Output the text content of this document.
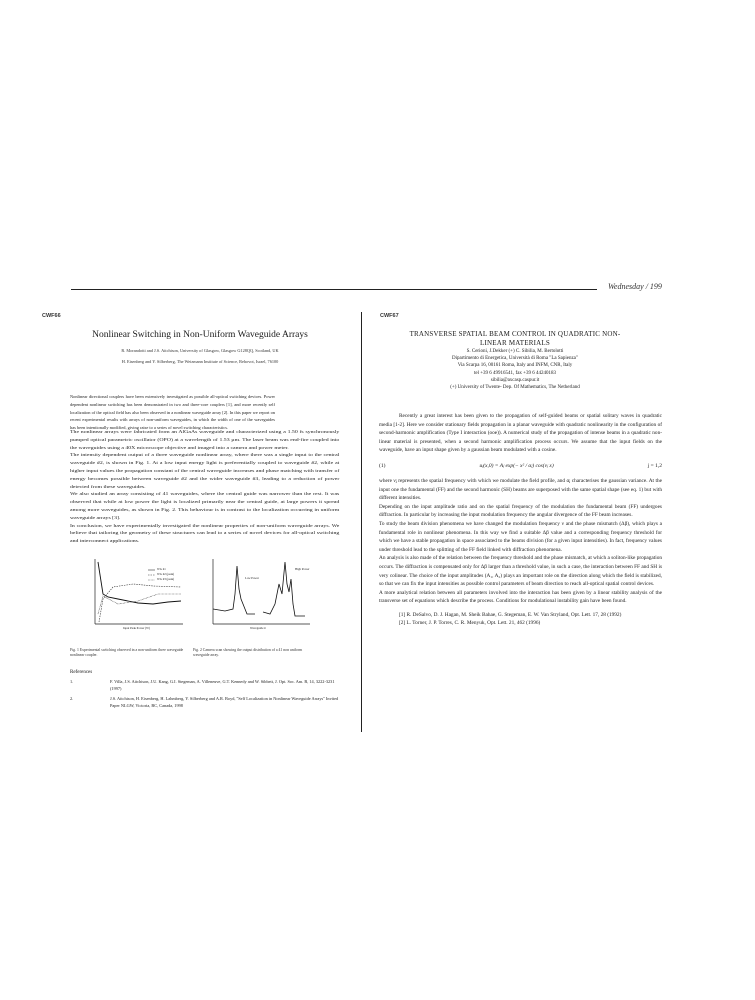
Wednesday / 199
CWF66
Nonlinear Switching in Non-Uniform Waveguide Arrays
R. Morandotti and J.S. Aitchison, University of Glasgow, Glasgow G128QQ, Scotland, UK
H. Eisenberg and Y. Silberberg, The Weizmann Institute of Science, Rehovot, Israel, 76100

Nonlinear directional couplers have been extensively investigated as possible all-optical switching devices. Power dependent nonlinear switching has been demonstrated in two and three-core couplers [1], and more recently self localization of the optical field has also been observed in a nonlinear waveguide array [2]. In this paper we report on recent experimental results with arrays of non-uniform waveguides, in which the width of one of the waveguides has been intentionally modified, giving raise to a series of novel switching characteristics.

The nonlinear arrays were fabricated from an AlGaAs waveguide and characterized using a 1.50 fs synchronously pumped optical parametric oscillator (OPO) at a wavelength of 1.53 µm. The laser beam was end-fire coupled into the waveguides using a 40X microscope objective and imaged into a camera and power meter.

The intensity dependent output of a three waveguide nonlinear array, where there was a single input to the central waveguide #2, is shown in Fig. 1. At a low input energy light is preferentially coupled to waveguide #2, while at higher input values the propagation constant of the central waveguide increases and phase matching with transfer of energy becomes possible between waveguide #2 and the wider waveguide #3, leading to a reduction of power detected from these waveguides.

We also studied an array consisting of 41 waveguides, where the central guide was narrower than the rest. It was observed that while at low power the light is localized primarily near the central guide, at large powers it spread among more waveguides, as shown in Fig. 2. This behaviour is in contrast to the localization occurring in uniform waveguide arrays [3].

In conclusion, we have experimentally investigated the nonlinear properties of non-uniform waveguide arrays. We believe that tailoring the geometry of these structures can lead to a series of novel devices for all-optical switching and interconnect applications.

WG #1
WG #2 (peak)
WG #3 (peak)
Input Peak Power (W)
Low Power
High Power
Waveguide #
Fig. 1 Experimental switching observed in a non-uniform three waveguide nonlinear coupler.
Fig. 2 Camera scan showing the output distribution of a 41 non uniform waveguide array.
References
1.	F. Villa, J.S. Aitchison, J.U. Kang, G.I. Stegeman, A. Villeneuve, G.T. Kennedy and W. Sibbett, J. Opt. Soc. Am. B, 14, 3222-3231 (1997)
2.	J.S. Aitchison, H. Eisenberg, H. Lahmberg, Y. Silberberg and A.R. Boyd, "Self Localization in Nonlinear Waveguide Arrays" Invited Paper NLGW, Victoria, BC, Canada, 1998
CWF67
TRANSVERSE SPATIAL BEAM CONTROL IN QUADRATIC NON-
LINEAR MATERIALS
S. Cerioni, J.Dekker (+) C. Sibilia, M. Bertolotti
Dipartimento di Energetica, Università di Roma "La Sapienza"
Via Scarpa 16, 00161 Roma, Italy and INFM, CNR, Italy
tel +39 6 49916541, fax +39 6 44240183
sibilia@axcasp.caspur.it
(+) University of Twente- Dep. Of Mathematics, The Netherland

Recently a great interest has been given to the propagation of self-guided beams or spatial solitary waves in quadratic media [1-2]. Here we consider stationary fields propagation in a planar waveguide with quadratic nonlinearity in the configuration of second-harmonic amplification (Type I interaction (ooe)). A numerical study of the propagation of intense beams in a quadratic non-linear material is presented, when a second harmonic amplification process occurs. We assume that the input fields on the waveguide, have an input shape given by a gaussian beam modulated with a cosine.

(1)	uⱼ(x,0) = Aⱼ exp(− x² / αⱼ) cos(νⱼ x)	j = 1,2

where νⱼ represents the spatial frequency with which we modulate the field profile, and αⱼ characterises the gaussian variance. At the input one the fundamental (FF) and the second harmonic (SH) beams are superposed with the same spatial shape (see eq. 1) but with different intensities.

Depending on the input amplitude ratio and on the spatial frequency of the modulation the fundamental beam (FF) undergoes diffraction. In particular by increasing the input modulation frequency the angular divergence of the FF beam increases.

To study the beam division phenomena we have changed the modulation frequency ν and the phase mismatch (Δβ), which plays a fundamental role in nonlinear phenomena. In this way we find a suitable Δβ value and a corresponding frequency threshold for which we have a stable propagation in space associated to the beams division (for a given input intensities). In fact, frequency values under threshold lead to the splitting of the FF field linked with diffraction phenomena.

An analysis is also made of the relation between the frequency threshold and the phase mismatch, at which a soliton-like propagation occurs. The diffraction is compensated only for Δβ larger than a threshold value, in such a case, the interaction between FF and SH is very colinear. The choice of the input amplitudes (A₁, A₂) plays an important role on the direction along which the field is stabilized, so that we can fix the input intensities as possible control parameters of beam direction to reach all-optical spatial control devices.

A more analytical relation between all parameters involved into the interaction has been given by a linear stability analysis of the transverse set of equations which describe the process. Conditions for modulational instability gain have been found.

[1] R. DeSalvo, D. J. Hagan, M. Sheik Bahae, G. Stegeman, E. W. Van Stryland, Opt. Lett. 17, 28 (1992)
[2] L. Torner, J. P. Torres, C. R. Menyuk, Opt. Lett. 21, 462 (1996)
